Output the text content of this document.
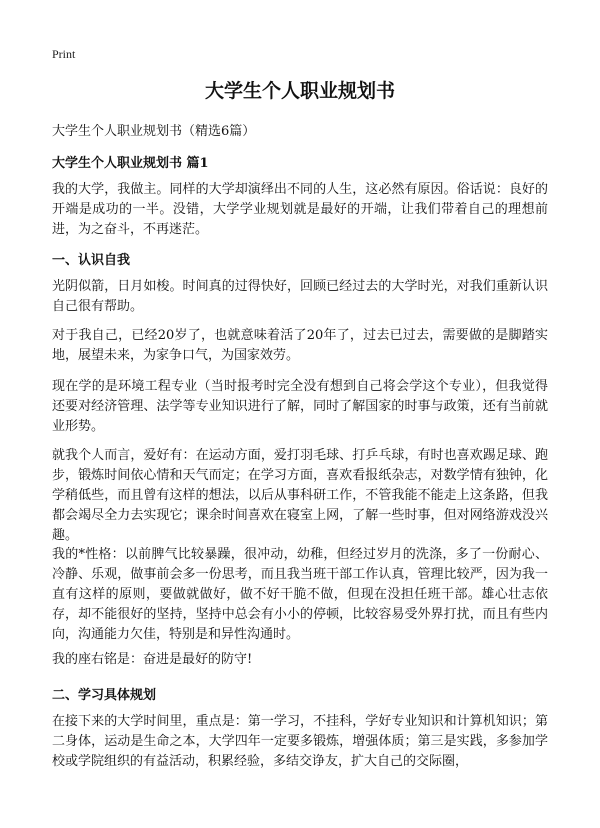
Print
大学生个人职业规划书

大学生个人职业规划书（精选6篇）

大学生个人职业规划书 篇1

我的大学，我做主。同样的大学却演绎出不同的人生，这必然有原因。俗话说：良好的开端是成功的一半。没错，大学学业规划就是最好的开端，让我们带着自己的理想前进，为之奋斗，不再迷茫。

一、认识自我

光阴似箭，日月如梭。时间真的过得快好，回顾已经过去的大学时光，对我们重新认识自己很有帮助。

对于我自己，已经20岁了，也就意味着活了20年了，过去已过去，需要做的是脚踏实地，展望未来，为家争口气，为国家效劳。

现在学的是环境工程专业（当时报考时完全没有想到自己将会学这个专业），但我觉得还要对经济管理、法学等专业知识进行了解，同时了解国家的时事与政策，还有当前就业形势。

就我个人而言，爱好有：在运动方面，爱打羽毛球、打乒乓球，有时也喜欢踢足球、跑步，锻炼时间依心情和天气而定；在学习方面，喜欢看报纸杂志，对数学情有独钟，化学稍低些，而且曾有这样的想法，以后从事科研工作，不管我能不能走上这条路，但我都会竭尽全力去实现它；课余时间喜欢在寝室上网，了解一些时事，但对网络游戏没兴趣。

我的*性格：以前脾气比较暴躁，很冲动，幼稚，但经过岁月的洗涤，多了一份耐心、冷静、乐观，做事前会多一份思考，而且我当班干部工作认真，管理比较严，因为我一直有这样的原则，要做就做好，做不好干脆不做，但现在没担任班干部。雄心壮志依存，却不能很好的坚持，坚持中总会有小小的停顿，比较容易受外界打扰，而且有些内向，沟通能力欠佳，特别是和异性沟通时。

我的座右铭是：奋进是最好的防守!

二、学习具体规划

在接下来的大学时间里，重点是：第一学习，不挂科，学好专业知识和计算机知识；第二身体，运动是生命之本，大学四年一定要多锻炼，增强体质；第三是实践，多参加学校或学院组织的有益活动，积累经验，多结交诤友，扩大自己的交际圈，
